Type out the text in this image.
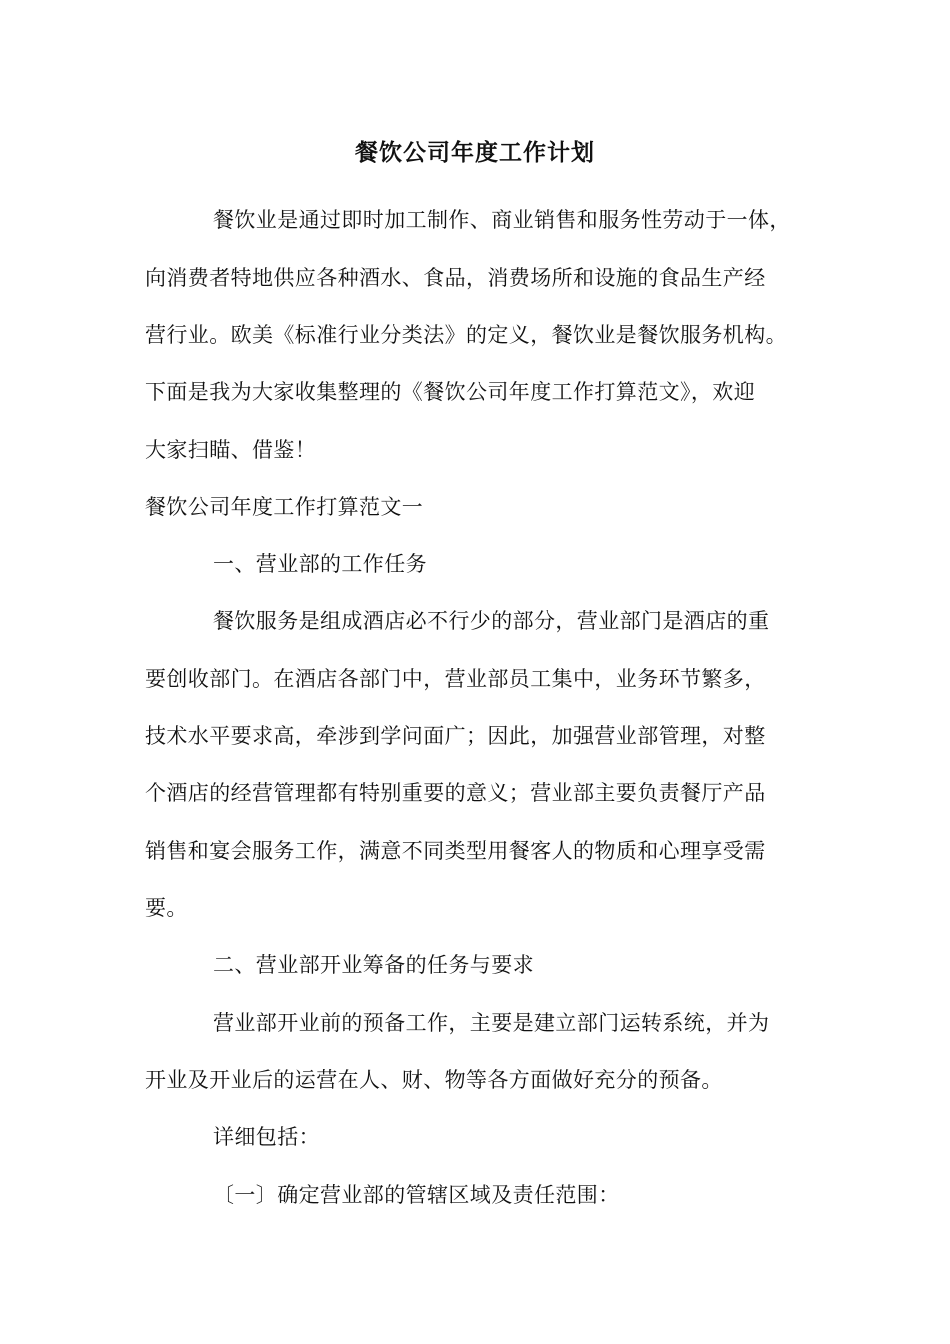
餐饮公司年度工作计划
餐饮业是通过即时加工制作、商业销售和服务性劳动于一体，
向消费者特地供应各种酒水、食品，消费场所和设施的食品生产经
营行业。欧美《标准行业分类法》的定义，餐饮业是餐饮服务机构。
下面是我为大家收集整理的《餐饮公司年度工作打算范文》，欢迎
大家扫瞄、借鉴！
餐饮公司年度工作打算范文一
一、营业部的工作任务
餐饮服务是组成酒店必不行少的部分，营业部门是酒店的重
要创收部门。在酒店各部门中，营业部员工集中，业务环节繁多，
技术水平要求高，牵涉到学问面广；因此，加强营业部管理，对整
个酒店的经营管理都有特别重要的意义；营业部主要负责餐厅产品
销售和宴会服务工作，满意不同类型用餐客人的物质和心理享受需
要。
二、营业部开业筹备的任务与要求
营业部开业前的预备工作，主要是建立部门运转系统，并为
开业及开业后的运营在人、财、物等各方面做好充分的预备。
详细包括：
〔一〕确定营业部的管辖区域及责任范围：
